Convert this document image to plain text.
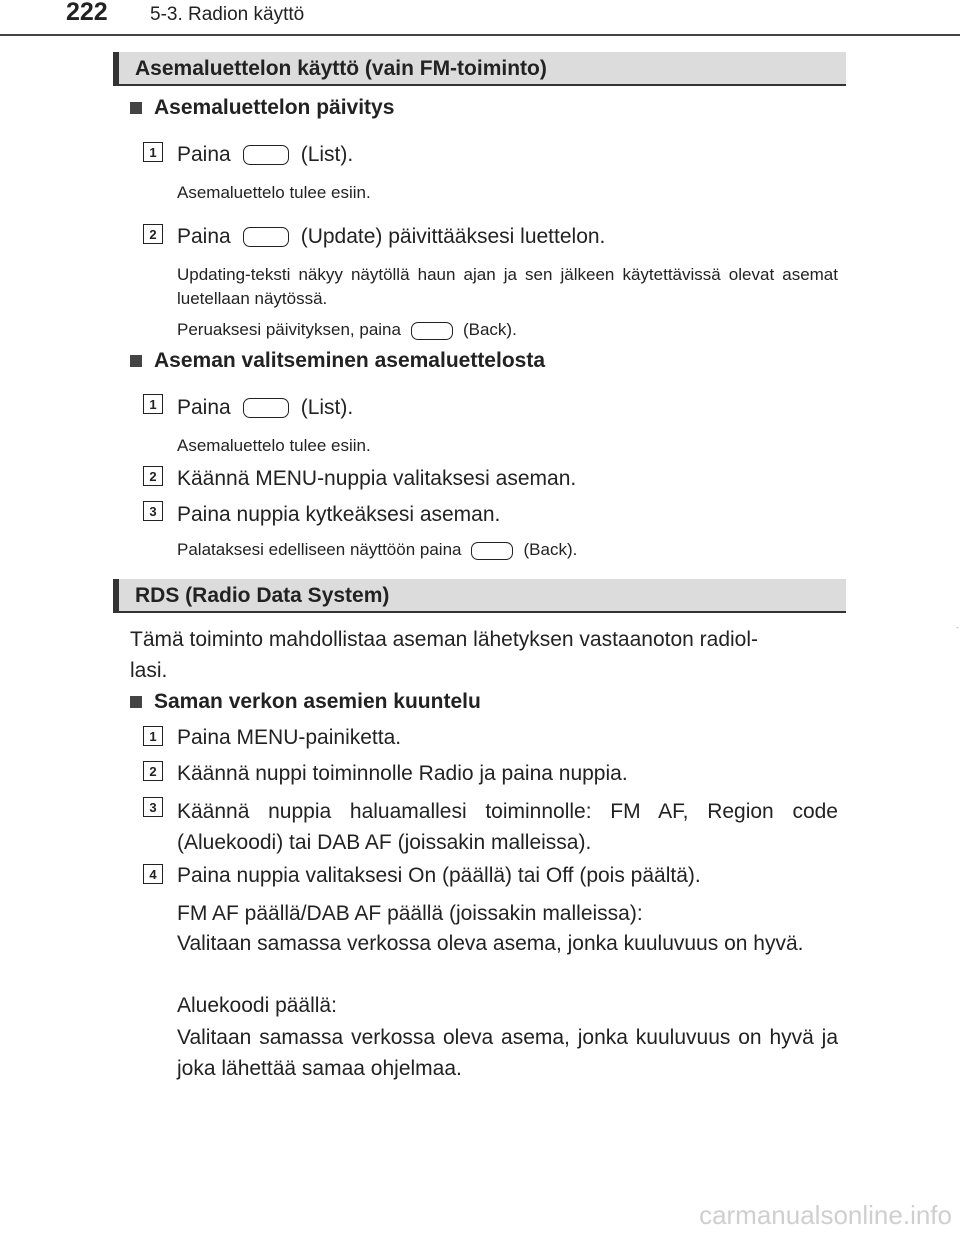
222 5-3. Radion käyttö
Asemaluettelon käyttö (vain FM-toiminto)
Asemaluettelon päivitys
1 Paina	(List).
Asemaluettelo tulee esiin.
2 Paina	(Update) päivittääksesi luettelon.
Updating-teksti näkyy näytöllä haun ajan ja sen jälkeen käytettävissä olevat asemat luetellaan näytössä.
Peruaksesi päivityksen, paina	(Back).
Aseman valitseminen asemaluettelosta
1 Paina	(List).
Asemaluettelo tulee esiin.
2 Käännä MENU-nuppia valitaksesi aseman.
3 Paina nuppia kytkeäksesi aseman.
Palataksesi edelliseen näyttöön paina	(Back).
RDS (Radio Data System)
Tämä toiminto mahdollistaa aseman lähetyksen vastaanoton radiol-
lasi.
Saman verkon asemien kuuntelu
1 Paina MENU-painiketta.
2 Käännä nuppi toiminnolle Radio ja paina nuppia.
3 Käännä nuppia haluamallesi toiminnolle: FM AF, Region code (Aluekoodi) tai DAB AF (joissakin malleissa).
4 Paina nuppia valitaksesi On (päällä) tai Off (pois päältä).
FM AF päällä/DAB AF päällä (joissakin malleissa):
Valitaan samassa verkossa oleva asema, jonka kuuluvuus on hyvä.
Aluekoodi päällä:
Valitaan samassa verkossa oleva asema, jonka kuuluvuus on hyvä ja joka lähettää samaa ohjelmaa.
carmanualsonline.info
-
